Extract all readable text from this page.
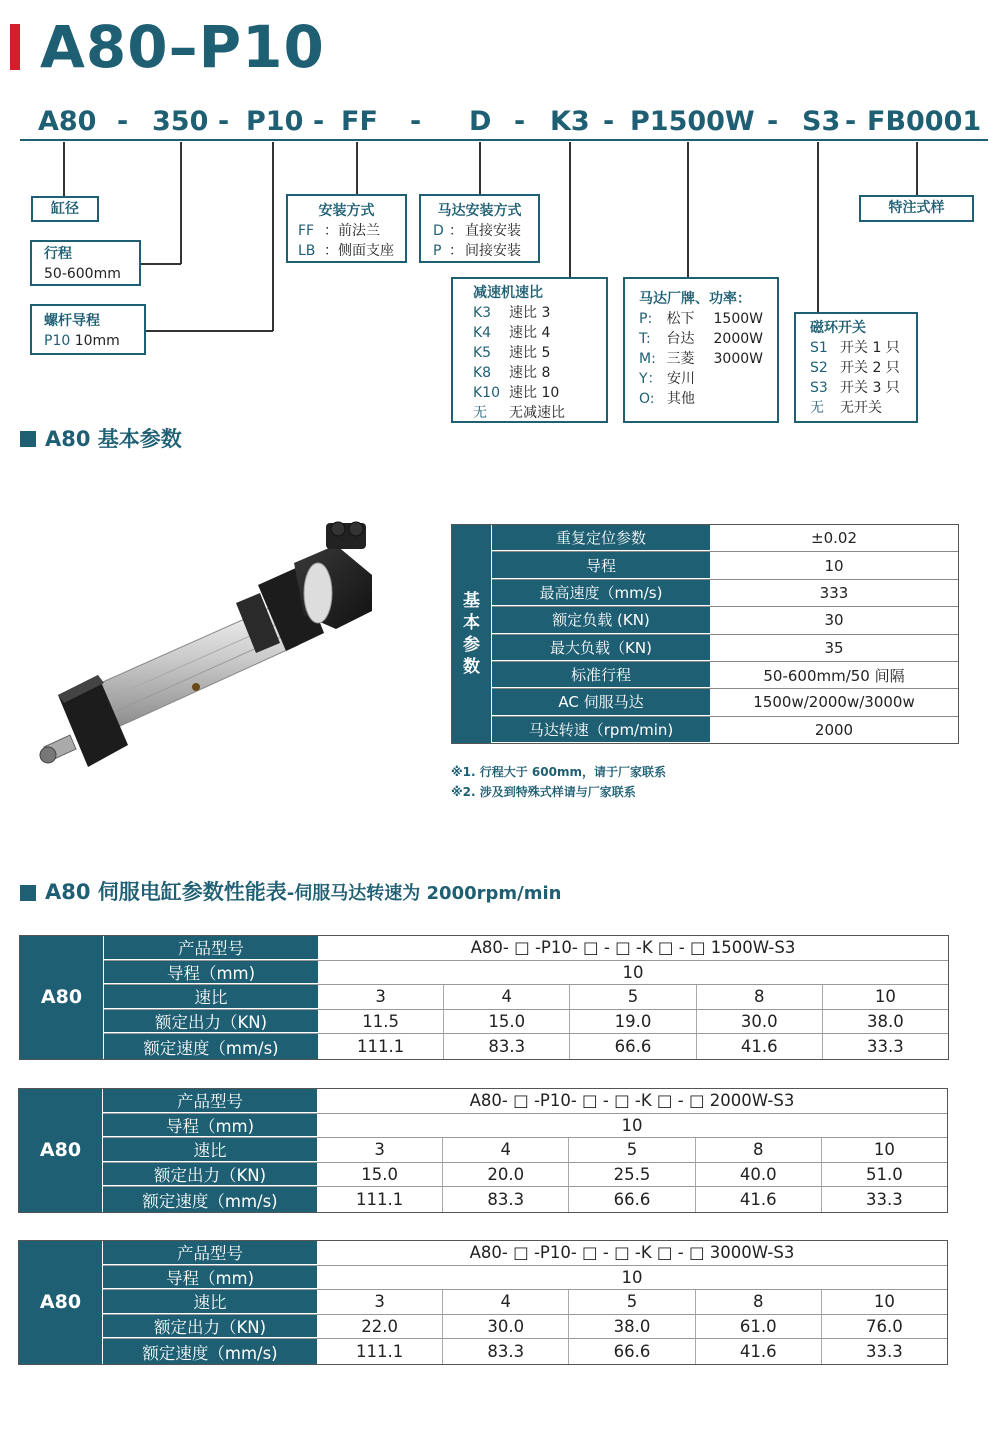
A80–P10
A80 - 350 - P10 - FF - D - K3 - P1500W - S3 - FB0001
缸径
行程
50-600mm
螺杆导程
P10 10mm
安装方式
FF ：前法兰
LB ：侧面支座
马达安装方式
D ： 直接安装
P ： 间接安装
减速机速比
K3	速比 3
K4	速比 4
K5	速比 5
K8	速比 8
K10 速比 10
无	无减速比
马达厂牌、功率：
P:	松下	1500W
T:	台达	2000W
M: 三菱	3000W
Y： 安川
O: 其他
磁环开关
S1 开关 1 只
S2 开关 2 只
S3 开关 3 只
无	无开关
特注式样
A80 基本参数
基
本
参
数
重复定位参数	±0.02
导程	10
最高速度（mm/s)	333
额定负载 (KN)	30
最大负载（KN)	35
标准行程	50-600mm/50 间隔
AC 伺服马达	1500w/2000w/3000w
马达转速（rpm/min)	2000
※1. 行程大于 600mm，请于厂家联系
※2. 涉及到特殊式样请与厂家联系
A80 伺服电缸参数性能表-伺服马达转速为 2000rpm/min
A80
产品型号	A80- □ -P10- □ - □ -K □ - □ 1500W-S3
导程（mm)	10
速比	3	4	5	8	10
额定出力（KN)	11.5	15.0	19.0	30.0	38.0
额定速度（mm/s)	111.1	83.3	66.6	41.6	33.3
A80
产品型号	A80- □ -P10- □ - □ -K □ - □ 2000W-S3
导程（mm)	10
速比	3	4	5	8	10
额定出力（KN)	15.0	20.0	25.5	40.0	51.0
额定速度（mm/s)	111.1	83.3	66.6	41.6	33.3
A80
产品型号	A80- □ -P10- □ - □ -K □ - □ 3000W-S3
导程（mm)	10
速比	3	4	5	8	10
额定出力（KN)	22.0	30.0	38.0	61.0	76.0
额定速度（mm/s)	111.1	83.3	66.6	41.6	33.3
